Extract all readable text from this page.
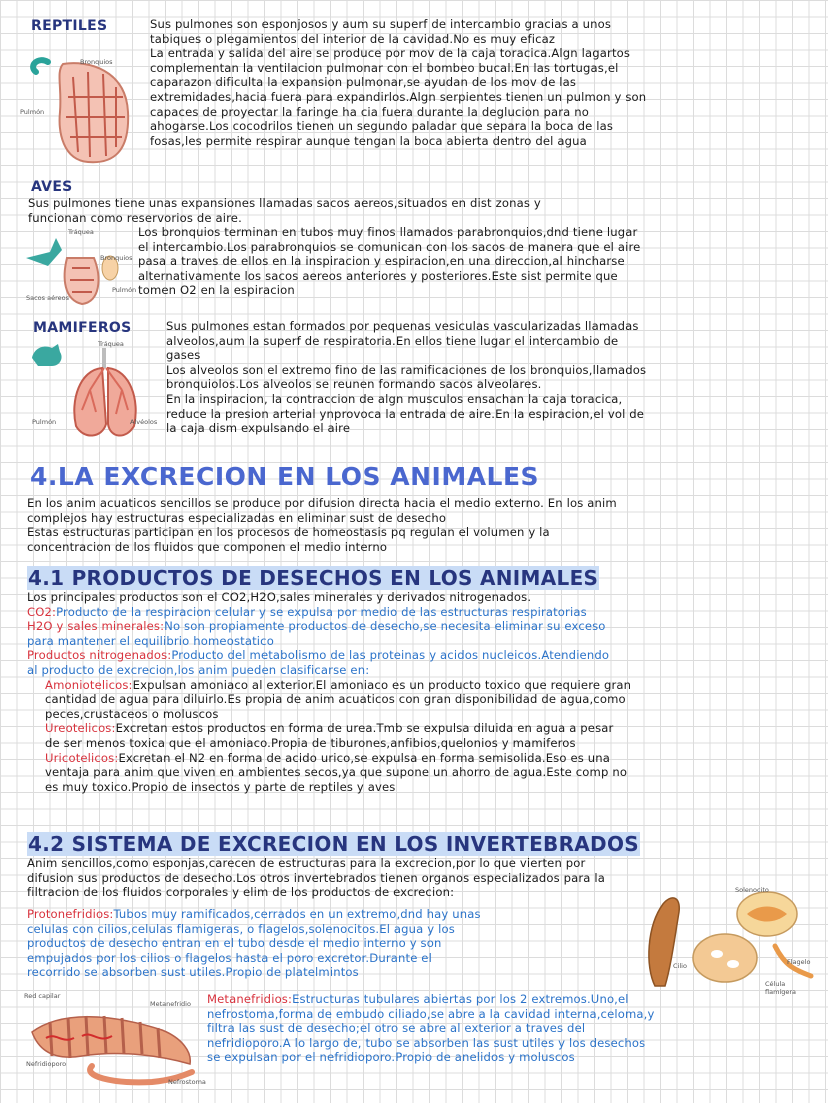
REPTILES
Bronquios
Pulmón
Sus pulmones son esponjosos y aum su superf de intercambio gracias a unos
tabiques o plegamientos del interior de la cavidad.No es muy eficaz
La entrada y salida del aire se produce por mov de la caja toracica.Algn lagartos
complementan la ventilacion pulmonar con el bombeo bucal.En las tortugas,el
caparazon dificulta la expansion pulmonar,se ayudan de los mov de las
extremidades,hacia fuera para expandirlos.Algn serpientes tienen un pulmon y son
capaces de proyectar la faringe ha cia fuera durante la deglucion para no
ahogarse.Los cocodrilos tienen un segundo paladar que separa la boca de las
fosas,les permite respirar aunque tengan la boca abierta dentro del agua
AVES
Sus pulmones tiene unas expansiones llamadas sacos aereos,situados en dist zonas y
funcionan como reservorios de aire.
Tráquea
Bronquios
Pulmón
Sacos aéreos
Los bronquios terminan en tubos muy finos llamados parabronquios,dnd tiene lugar
el intercambio.Los parabronquios se comunican con los sacos de manera que el aire
pasa a traves de ellos en la inspiracion y espiracion,en una direccion,al hincharse
alternativamente los sacos aereos anteriores y posteriores.Este sist permite que
tomen O2 en la espiracion
MAMIFEROS
Tráquea
Pulmón	Alvéolos
Sus pulmones estan formados por pequenas vesiculas vascularizadas llamadas
alveolos,aum la superf de respiratoria.En ellos tiene lugar el intercambio de
gases
Los alveolos son el extremo fino de las ramificaciones de los bronquios,llamados
bronquiolos.Los alveolos se reunen formando sacos alveolares.
En la inspiracion, la contraccion de algn musculos ensachan la caja toracica,
reduce la presion arterial ynprovoca la entrada de aire.En la espiracion,el vol de
la caja dism expulsando el aire
4.LA EXCRECION EN LOS ANIMALES
En los anim acuaticos sencillos se produce por difusion directa hacia el medio externo. En los anim
complejos hay estructuras especializadas en eliminar sust de desecho
Estas estructuras participan en los procesos de homeostasis pq regulan el volumen y la
concentracion de los fluidos que componen el medio interno
4.1 PRODUCTOS DE DESECHOS EN LOS ANIMALES
Los principales productos son el CO2,H2O,sales minerales y derivados nitrogenados.
CO2:Producto de la respiracion celular y se expulsa por medio de las estructuras respiratorias
H2O y sales minerales:No son propiamente productos de desecho,se necesita eliminar su exceso
para mantener el equilibrio homeostatico
Productos nitrogenados:Producto del metabolismo de las proteinas y acidos nucleicos.Atendiendo
al producto de excrecion,los anim pueden clasificarse en:
Amoniotelicos:Expulsan amoniaco al exterior.El amoniaco es un producto toxico que requiere gran
cantidad de agua para diluirlo.Es propia de anim acuaticos con gran disponibilidad de agua,como
peces,crustaceos o moluscos
Ureotelicos:Excretan estos productos en forma de urea.Tmb se expulsa diluida en agua a pesar
de ser menos toxica que el amoniaco.Propia de tiburones,anfibios,quelonios y mamiferos
Uricotelicos:Excretan el N2 en forma de acido urico,se expulsa en forma semisolida.Eso es una
ventaja para anim que viven en ambientes secos,ya que supone un ahorro de agua.Este comp no
es muy toxico.Propio de insectos y parte de reptiles y aves
4.2 SISTEMA DE EXCRECION EN LOS INVERTEBRADOS
Anim sencillos,como esponjas,carecen de estructuras para la excrecion,por lo que vierten por
difusion sus productos de desecho.Los otros invertebrados tienen organos especializados para la
filtracion de los fluidos corporales y elim de los productos de excrecion:
Protonefridios:Tubos muy ramificados,cerrados en un extremo,dnd hay unas
celulas con cilios,celulas flamigeras, o flagelos,solenocitos.El agua y los
productos de desecho entran en el tubo desde el medio interno y son
empujados por los cilios o flagelos hasta el poro excretor.Durante el
recorrido se absorben sust utiles.Propio de platelmintos
Solenocito
Cilio	Flagelo
Célula flamígera
Red capilar
Metanefridio
Nefridioporo
Nefrostoma
Metanefridios:Estructuras tubulares abiertas por los 2 extremos.Uno,el
nefrostoma,forma de embudo ciliado,se abre a la cavidad interna,celoma,y
filtra las sust de desecho;el otro se abre al exterior a traves del
nefridioporo.A lo largo de, tubo se absorben las sust utiles y los desechos
se expulsan por el nefridioporo.Propio de anelidos y moluscos
